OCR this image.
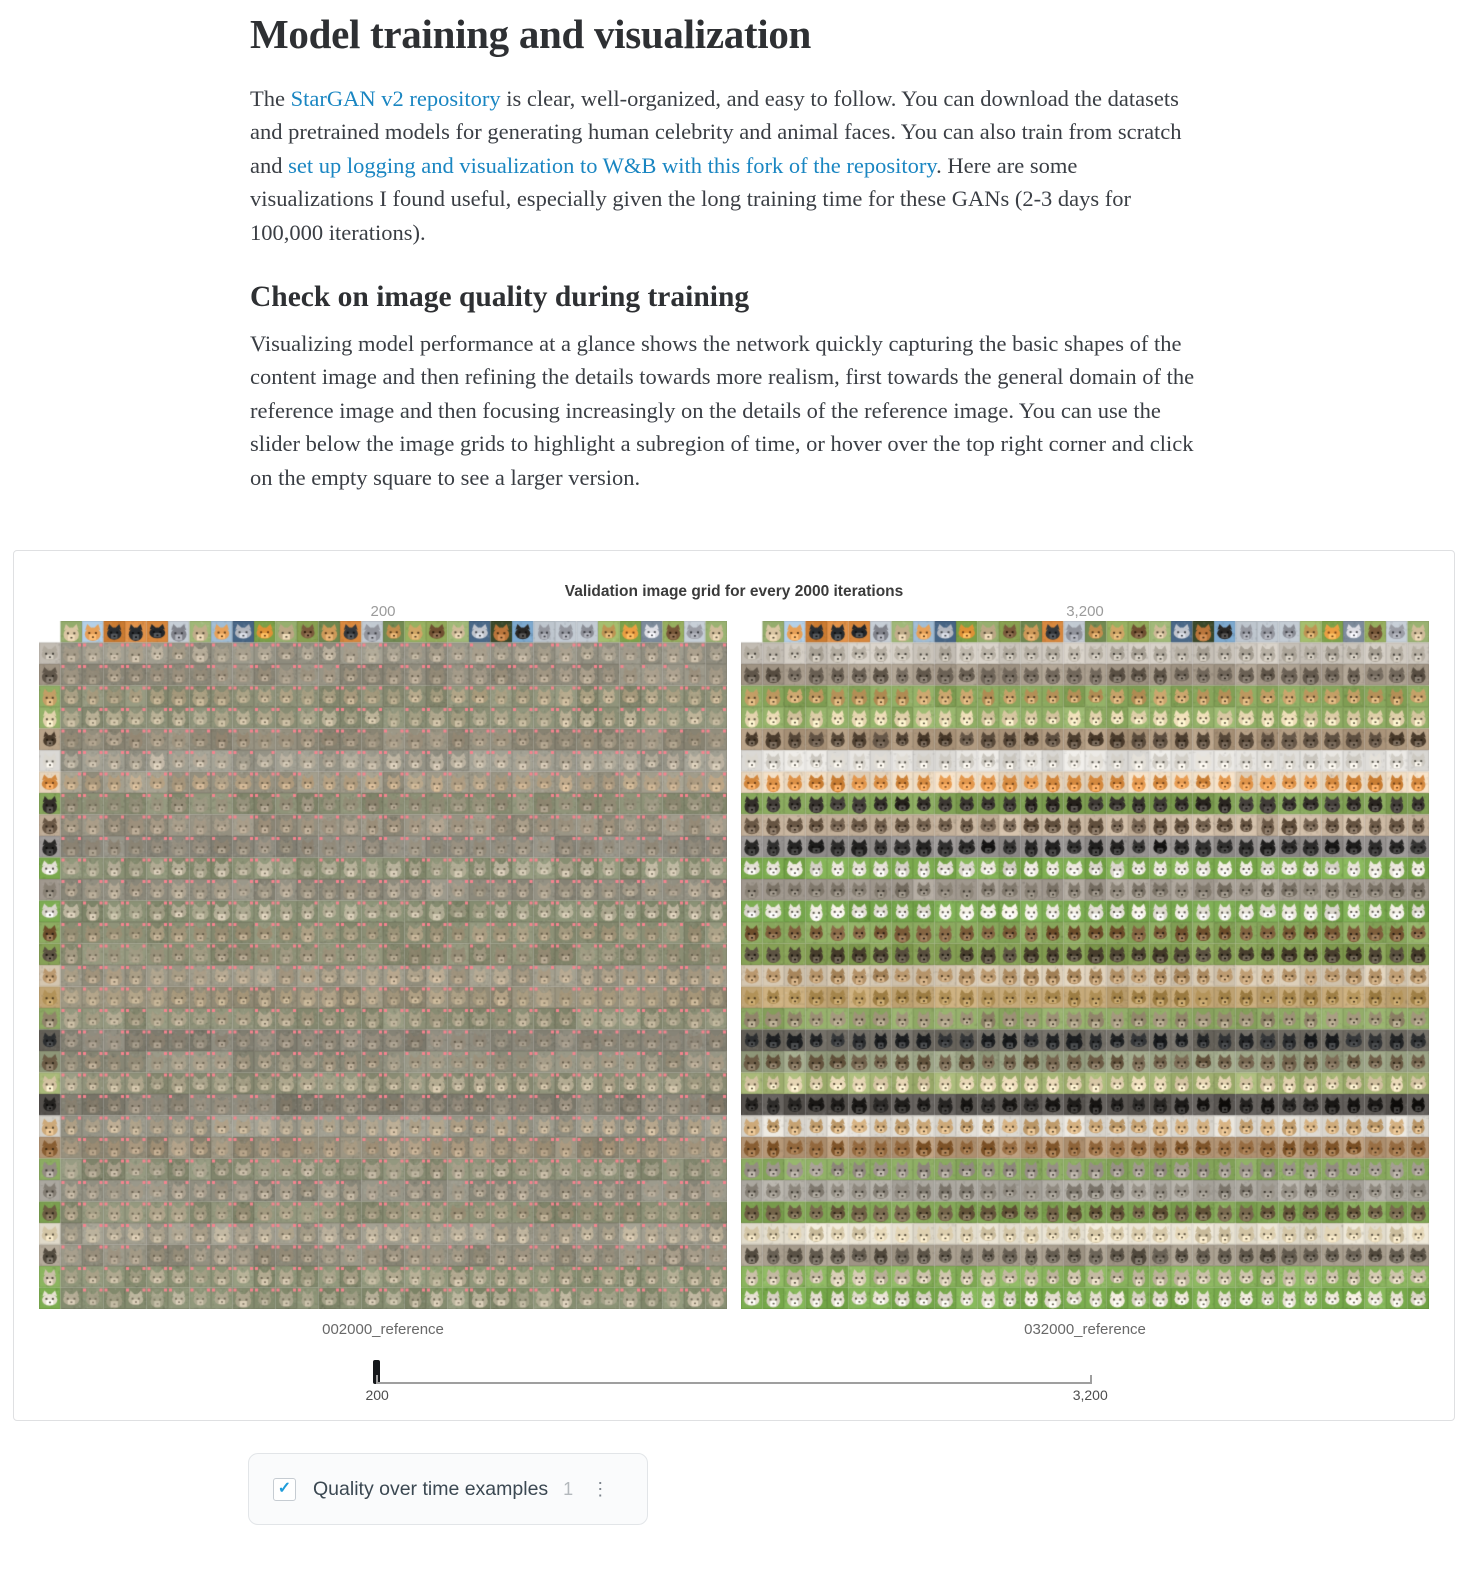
Model training and visualization

The StarGAN v2 repository is clear, well-organized, and easy to follow. You can download the datasets and pretrained models for generating human celebrity and animal faces. You can also train from scratch and set up logging and visualization to W&B with this fork of the repository. Here are some visualizations I found useful, especially given the long training time for these GANs (2-3 days for 100,000 iterations).

Check on image quality during training

Visualizing model performance at a glance shows the network quickly capturing the basic shapes of the content image and then refining the details towards more realism, first towards the general domain of the reference image and then focusing increasingly on the details of the reference image. You can use the slider below the image grids to highlight a subregion of time, or hover over the top right corner and click on the empty square to see a larger version.

Validation image grid for every 2000 iterations
200
002000_reference
3,200
032000_reference
200	3,200
✓ Quality over time examples 1 ⋮
